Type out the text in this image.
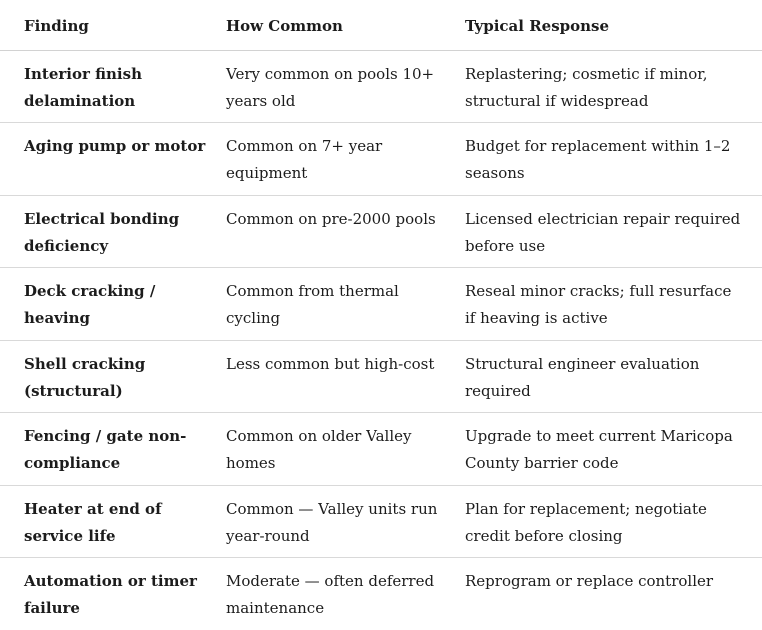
Finding	How Common	Typical Response
Interior finish delamination	Very common on pools 10+ years old	Replastering; cosmetic if minor, structural if widespread
Aging pump or motor	Common on 7+ year equipment	Budget for replacement within 1–2 seasons
Electrical bonding deficiency	Common on pre-2000 pools	Licensed electrician repair required before use
Deck cracking / heaving	Common from thermal cycling	Reseal minor cracks; full resurface if heaving is active
Shell cracking (structural)	Less common but high-cost	Structural engineer evaluation required
Fencing / gate non-compliance	Common on older Valley homes	Upgrade to meet current Maricopa County barrier code
Heater at end of service life	Common — Valley units run year-round	Plan for replacement; negotiate credit before closing
Automation or timer failure	Moderate — often deferred maintenance	Reprogram or replace controller
